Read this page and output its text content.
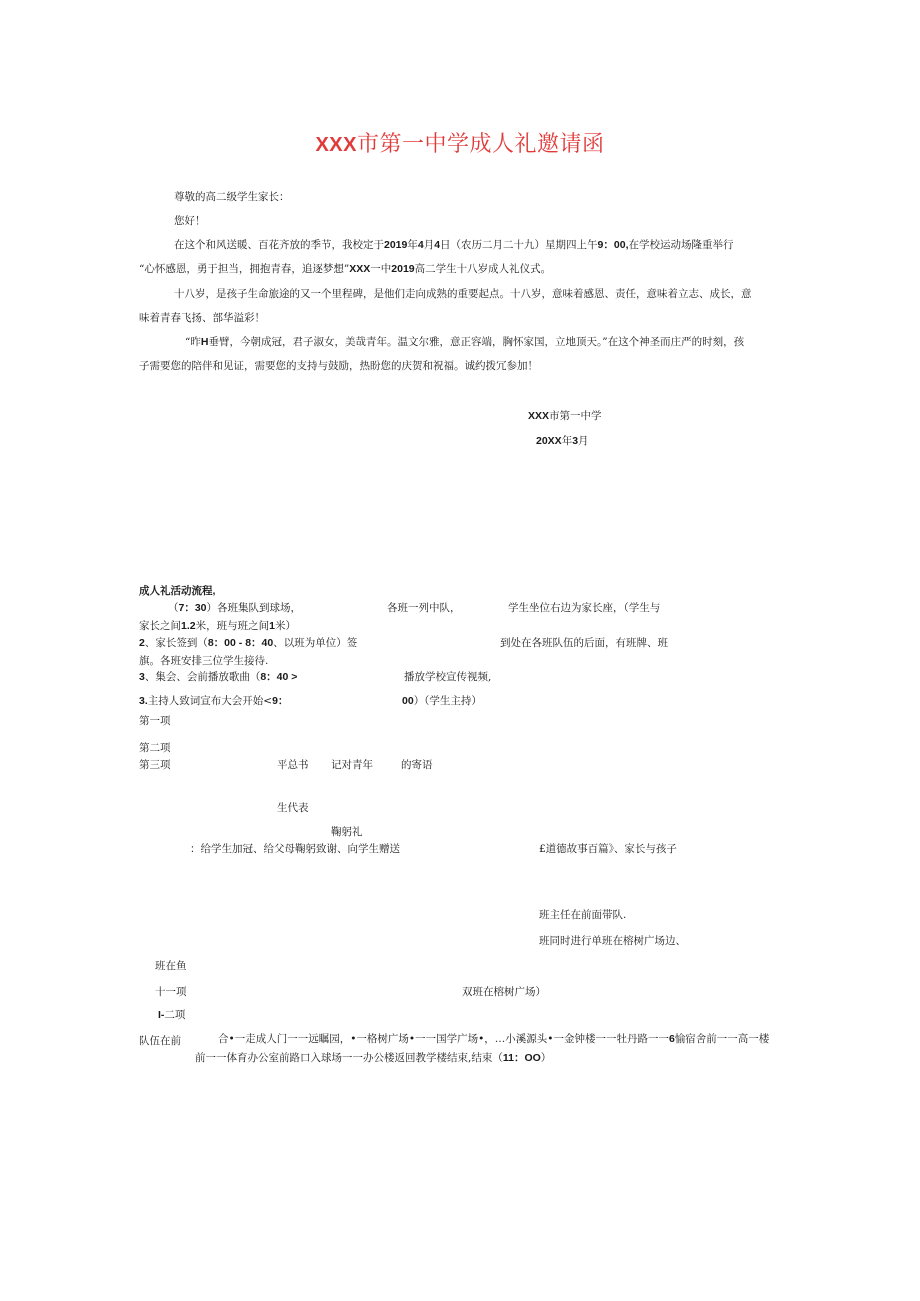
XXX市第一中学成人礼邀请函
尊敬的高二级学生家长：
您好！
在这个和风送暖、百花齐放的季节，我校定于2019年4月4日（农历二月二十九）星期四上午9：00,在学校运动场隆重举行
“心怀感恩，勇于担当，拥抱青春，追逐梦想”XXX一中2019高二学生十八岁成人礼仪式。
十八岁，是孩子生命旅途的又一个里程碑，是他们走向成熟的重要起点。十八岁，意味着感恩、责任，意味着立志、成长，意
味着青春飞扬、部华溢彩！
“昨H垂臂，今朝成冠，君子淑女，美哉青年。温文尔雅，意正容端，胸怀家国，立地顶天。”在这个神圣而庄严的时刻，孩
子需要您的陪伴和见证，需要您的支持与鼓励，热盼您的庆贺和祝福。诚约拨冗参加！
XXX市第一中学
20XX年3月
成人礼活动流程,
（7：30）各班集队到球场，	各班一列中队，	学生坐位右边为家长座，（学生与
家长之间1.2米，班与班之间1米）
2、家长签到（8：00 - 8：40、以班为单位）签	到处在各班队伍的后面，有班牌、班
旗。各班安排三位学生接待.
3、集会、会前播放歌曲（8：40 >	播放学校宣传视频,
3.主持人致词宣布大会开始<9：	00）（学生主持）
第一项
第二项
第三项	平总书 记对青年	的寄语
生代表
鞠躬礼
：给学生加冠、给父母鞠躬致谢、向学生赠送	£道德故事百篇》、家长与孩子
班主任在前面带队.
班同时进行单班在榕树广场边、
班在鱼
十一项	双班在榕树广场）
I-二项
队伍在前	合•一走成人门一一远瞩园，•一格树广场•一一国学广场•，…小溪源头•一金钟楼一一牡丹路一一6愉宿舍前一一高一楼
前一一体育办公室前路口入球场一一办公楼返回教学楼结束,结束（11：OO）
